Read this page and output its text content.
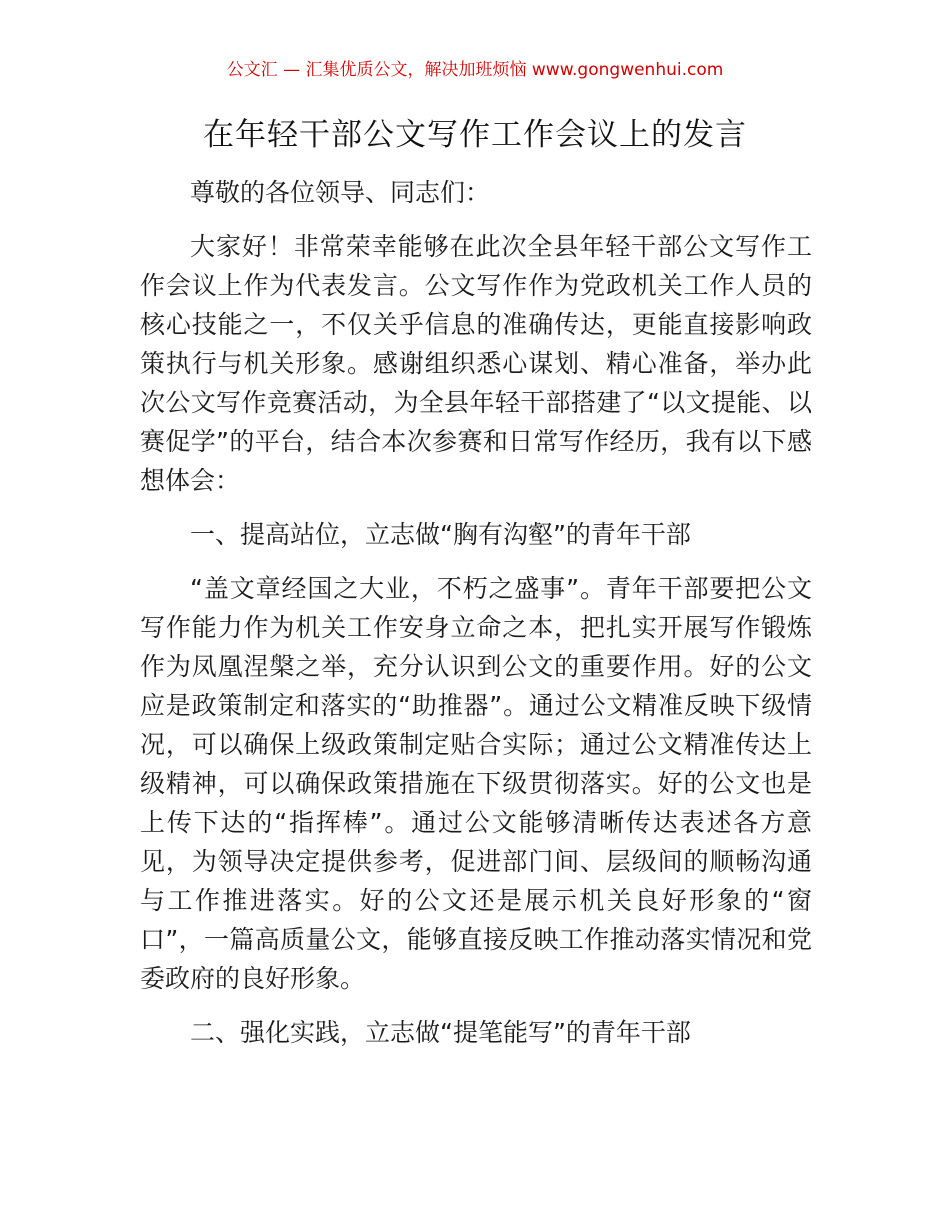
公文汇 — 汇集优质公文，解决加班烦恼 www.gongwenhui.com
在年轻干部公文写作工作会议上的发言

尊敬的各位领导、同志们：

大家好！非常荣幸能够在此次全县年轻干部公文写作工作会议上作为代表发言。公文写作作为党政机关工作人员的核心技能之一，不仅关乎信息的准确传达，更能直接影响政策执行与机关形象。感谢组织悉心谋划、精心准备，举办此次公文写作竞赛活动，为全县年轻干部搭建了“以文提能、以赛促学”的平台，结合本次参赛和日常写作经历，我有以下感想体会：

一、提高站位，立志做“胸有沟壑”的青年干部

“盖文章经国之大业，不朽之盛事”。青年干部要把公文写作能力作为机关工作安身立命之本，把扎实开展写作锻炼作为凤凰涅槃之举，充分认识到公文的重要作用。好的公文应是政策制定和落实的“助推器”。通过公文精准反映下级情况，可以确保上级政策制定贴合实际；通过公文精准传达上级精神，可以确保政策措施在下级贯彻落实。好的公文也是上传下达的“指挥棒”。通过公文能够清晰传达表述各方意见，为领导决定提供参考，促进部门间、层级间的顺畅沟通与工作推进落实。好的公文还是展示机关良好形象的“窗口”，一篇高质量公文，能够直接反映工作推动落实情况和党委政府的良好形象。

二、强化实践，立志做“提笔能写”的青年干部
